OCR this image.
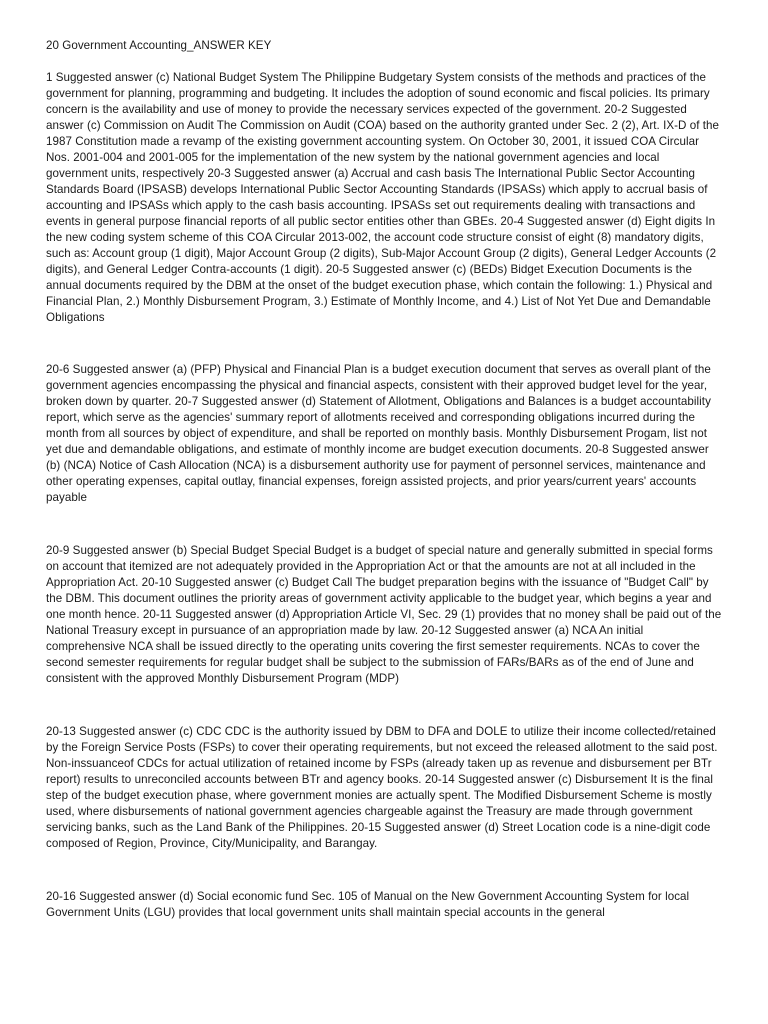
20 Government Accounting_ANSWER KEY

1 Suggested answer (c) National Budget System The Philippine Budgetary System consists of the methods and practices of the government for planning, programming and budgeting. It includes the adoption of sound economic and fiscal policies. Its primary concern is the availability and use of money to provide the necessary services expected of the government. 20-2 Suggested answer (c) Commission on Audit The Commission on Audit (COA) based on the authority granted under Sec. 2 (2), Art. IX-D of the 1987 Constitution made a revamp of the existing government accounting system. On October 30, 2001, it issued COA Circular Nos. 2001-004 and 2001-005 for the implementation of the new system by the national government agencies and local government units, respectively 20-3 Suggested answer (a) Accrual and cash basis The International Public Sector Accounting Standards Board (IPSASB) develops International Public Sector Accounting Standards (IPSASs) which apply to accrual basis of accounting and IPSASs which apply to the cash basis accounting. IPSASs set out requirements dealing with transactions and events in general purpose financial reports of all public sector entities other than GBEs. 20-4 Suggested answer (d) Eight digits In the new coding system scheme of this COA Circular 2013-002, the account code structure consist of eight (8) mandatory digits, such as: Account group (1 digit), Major Account Group (2 digits), Sub-Major Account Group (2 digits), General Ledger Accounts (2 digits), and General Ledger Contra-accounts (1 digit). 20-5 Suggested answer (c) (BEDs) Bidget Execution Documents is the annual documents required by the DBM at the onset of the budget execution phase, which contain the following: 1.) Physical and Financial Plan, 2.) Monthly Disbursement Program, 3.) Estimate of Monthly Income, and 4.) List of Not Yet Due and Demandable Obligations

20-6 Suggested answer (a) (PFP) Physical and Financial Plan is a budget execution document that serves as overall plant of the government agencies encompassing the physical and financial aspects, consistent with their approved budget level for the year, broken down by quarter. 20-7 Suggested answer (d) Statement of Allotment, Obligations and Balances is a budget accountability report, which serve as the agencies' summary report of allotments received and corresponding obligations incurred during the month from all sources by object of expenditure, and shall be reported on monthly basis. Monthly Disbursement Progam, list not yet due and demandable obligations, and estimate of monthly income are budget execution documents. 20-8 Suggested answer (b) (NCA) Notice of Cash Allocation (NCA) is a disbursement authority use for payment of personnel services, maintenance and other operating expenses, capital outlay, financial expenses, foreign assisted projects, and prior years/current years' accounts payable

20-9 Suggested answer (b) Special Budget Special Budget is a budget of special nature and generally submitted in special forms on account that itemized are not adequately provided in the Appropriation Act or that the amounts are not at all included in the Appropriation Act. 20-10 Suggested answer (c) Budget Call The budget preparation begins with the issuance of "Budget Call" by the DBM. This document outlines the priority areas of government activity applicable to the budget year, which begins a year and one month hence. 20-11 Suggested answer (d) Appropriation Article VI, Sec. 29 (1) provides that no money shall be paid out of the National Treasury except in pursuance of an appropriation made by law. 20-12 Suggested answer (a) NCA An initial comprehensive NCA shall be issued directly to the operating units covering the first semester requirements. NCAs to cover the second semester requirements for regular budget shall be subject to the submission of FARs/BARs as of the end of June and consistent with the approved Monthly Disbursement Program (MDP)

20-13 Suggested answer (c) CDC CDC is the authority issued by DBM to DFA and DOLE to utilize their income collected/retained by the Foreign Service Posts (FSPs) to cover their operating requirements, but not exceed the released allotment to the said post. Non-inssuanceof CDCs for actual utilization of retained income by FSPs (already taken up as revenue and disbursement per BTr report) results to unreconciled accounts between BTr and agency books. 20-14 Suggested answer (c) Disbursement It is the final step of the budget execution phase, where government monies are actually spent. The Modified Disbursement Scheme is mostly used, where disbursements of national government agencies chargeable against the Treasury are made through government servicing banks, such as the Land Bank of the Philippines. 20-15 Suggested answer (d) Street Location code is a nine-digit code composed of Region, Province, City/Municipality, and Barangay.

20-16 Suggested answer (d) Social economic fund Sec. 105 of Manual on the New Government Accounting System for local Government Units (LGU) provides that local government units shall maintain special accounts in the general
